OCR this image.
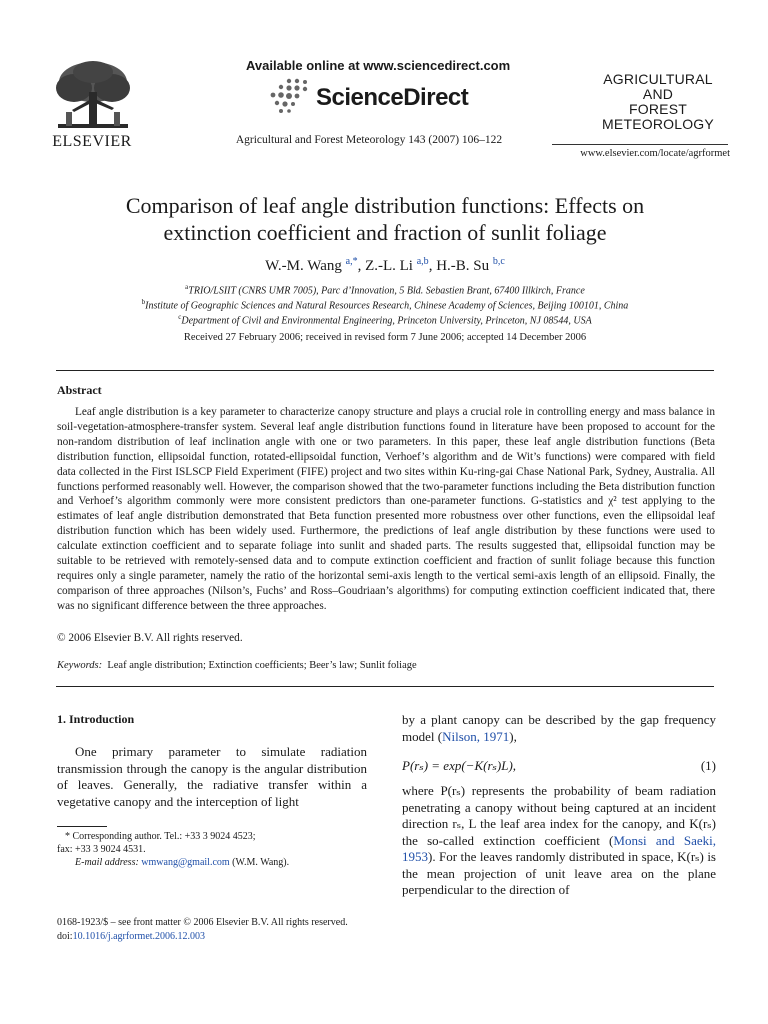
ELSEVIER
Available online at www.sciencedirect.com
ScienceDirect
Agricultural and Forest Meteorology 143 (2007) 106–122
AGRICULTURAL
AND
FOREST
METEOROLOGY
www.elsevier.com/locate/agrformet
Comparison of leaf angle distribution functions: Effects on
extinction coefficient and fraction of sunlit foliage
W.-M. Wang $^{a,*}$, Z.-L. Li $^{a,b}$, H.-B. Su $^{b,c}$
$^a$TRIO/LSIIT (CNRS UMR 7005), Parc d’Innovation, 5 Bld. Sebastien Brant, 67400 Illkirch, France
$^b$Institute of Geographic Sciences and Natural Resources Research, Chinese Academy of Sciences, Beijing 100101, China
$^c$Department of Civil and Environmental Engineering, Princeton University, Princeton, NJ 08544, USA
Received 27 February 2006; received in revised form 7 June 2006; accepted 14 December 2006
Abstract

Leaf angle distribution is a key parameter to characterize canopy structure and plays a crucial role in controlling energy and mass balance in soil-vegetation-atmosphere-transfer system. Several leaf angle distribution functions found in literature have been proposed to account for the non-random distribution of leaf inclination angle with one or two parameters. In this paper, these leaf angle distribution functions (Beta distribution function, ellipsoidal function, rotated-ellipsoidal function, Verhoef’s algorithm and de Wit’s functions) were compared with field data collected in the First ISLSCP Field Experiment (FIFE) project and two sites within Ku-ring-gai Chase National Park, Sydney, Australia. All functions performed reasonably well. However, the comparison showed that the two-parameter functions including the Beta distribution function and Verhoef’s algorithm commonly were more consistent predictors than one-parameter functions. G-statistics and χ² test applying to the estimates of leaf angle distribution demonstrated that Beta function presented more robustness over other functions, even the ellipsoidal leaf distribution function which has been widely used. Furthermore, the predictions of leaf angle distribution by these functions were used to calculate extinction coefficient and to separate foliage into sunlit and shaded parts. The results suggested that, ellipsoidal function may be suitable to be retrieved with remotely-sensed data and to compute extinction coefficient and fraction of sunlit foliage because this function requires only a single parameter, namely the ratio of the horizontal semi-axis length to the vertical semi-axis length of an ellipsoid. Finally, the comparison of three approaches (Nilson’s, Fuchs’ and Ross–Goudriaan’s algorithms) for computing extinction coefficient indicated that, there was no significant difference between the three approaches.

© 2006 Elsevier B.V. All rights reserved.
Keywords: Leaf angle distribution; Extinction coefficients; Beer’s law; Sunlit foliage
1. Introduction

One primary parameter to simulate radiation transmission through the canopy is the angular distribution of leaves. Generally, the radiative transfer within a vegetative canopy and the interception of light

* Corresponding author. Tel.: +33 3 9024 4523;
fax: +33 3 9024 4531.
E-mail address: wmwang@gmail.com (W.M. Wang).
0168-1923/$ – see front matter © 2006 Elsevier B.V. All rights reserved.
doi:10.1016/j.agrformet.2006.12.003

by a plant canopy can be described by the gap frequency model (Nilson, 1971),

P(rₛ) = exp(−K(rₛ)L),	(1)

where P(rₛ) represents the probability of beam radiation penetrating a canopy without being captured at an incident direction rₛ, L the leaf area index for the canopy, and K(rₛ) the so-called extinction coefficient (Monsi and Saeki, 1953). For the leaves randomly distributed in space, K(rₛ) is the mean projection of unit leave area on the plane perpendicular to the direction of
